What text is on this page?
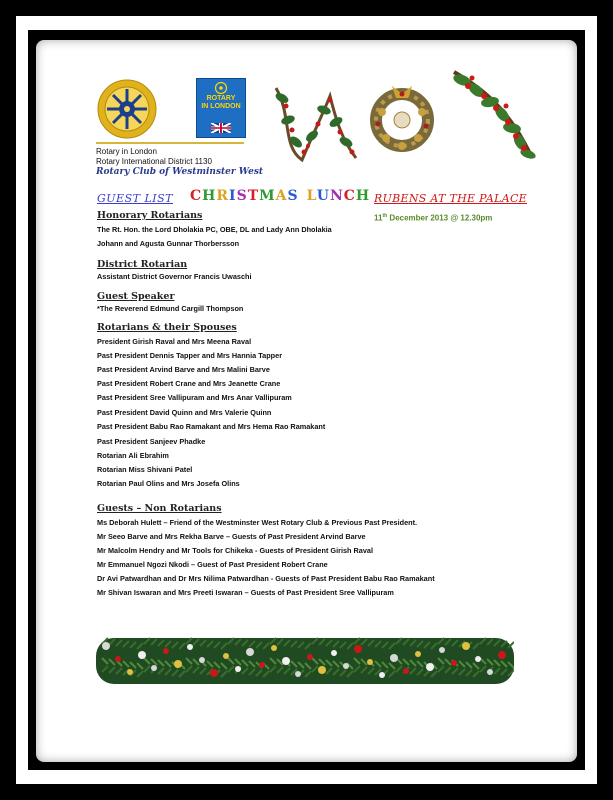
ROTARY
IN LONDON
Rotary in London
Rotary International District 1130
Rotary Club of Westminster West
GUEST LIST CHRISTMAS LUNCH RUBENS AT THE PALACE
11th December 2013 @ 12.30pm
Honorary Rotarians
The Rt. Hon. the Lord Dholakia PC, OBE, DL and Lady Ann Dholakia
Johann and Agusta Gunnar Thorbersson
District Rotarian
Assistant District Governor Francis Uwaschi
Guest Speaker
*The Reverend Edmund Cargill Thompson
Rotarians & their Spouses
President Girish Raval and Mrs Meena Raval
Past President Dennis Tapper and Mrs Hannia Tapper
Past President Arvind Barve and Mrs Malini Barve
Past President Robert Crane and Mrs Jeanette Crane
Past President Sree Vallipuram and Mrs Anar Vallipuram
Past President David Quinn and Mrs Valerie Quinn
Past President Babu Rao Ramakant and Mrs Hema Rao Ramakant
Past President Sanjeev Phadke
Rotarian Ali Ebrahim
Rotarian Miss Shivani Patel
Rotarian Paul Olins and Mrs Josefa Olins
Guests – Non Rotarians
Ms Deborah Hulett – Friend of the Westminster West Rotary Club & Previous Past President.
Mr Seeo Barve and Mrs Rekha Barve – Guests of Past President Arvind Barve
Mr Malcolm Hendry and Mr Tools for Chikeka - Guests of President Girish Raval
Mr Emmanuel Ngozi Nkodi – Guest of Past President Robert Crane
Dr Avi Patwardhan and Dr Mrs Nilima Patwardhan - Guests of Past President Babu Rao Ramakant
Mr Shivan Iswaran and Mrs Preeti Iswaran – Guests of Past President Sree Vallipuram
